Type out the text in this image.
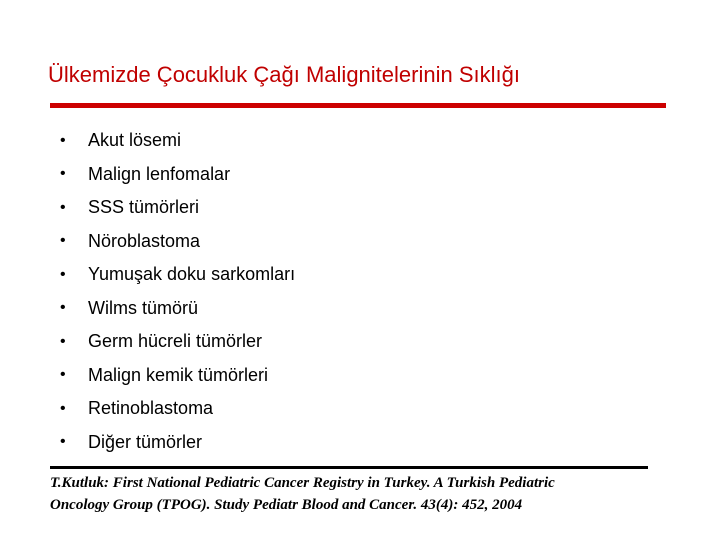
Ülkemizde Çocukluk Çağı Malignitelerinin Sıklığı
•	Akut lösemi
•	Malign lenfomalar
•	SSS tümörleri
•	Nöroblastoma
•	Yumuşak doku sarkomları
•	Wilms tümörü
•	Germ hücreli tümörler
•	Malign kemik tümörleri
•	Retinoblastoma
•	Diğer tümörler
T.Kutluk: First National Pediatric Cancer Registry in Turkey. A Turkish Pediatric
Oncology Group (TPOG). Study Pediatr Blood and Cancer. 43(4): 452, 2004
